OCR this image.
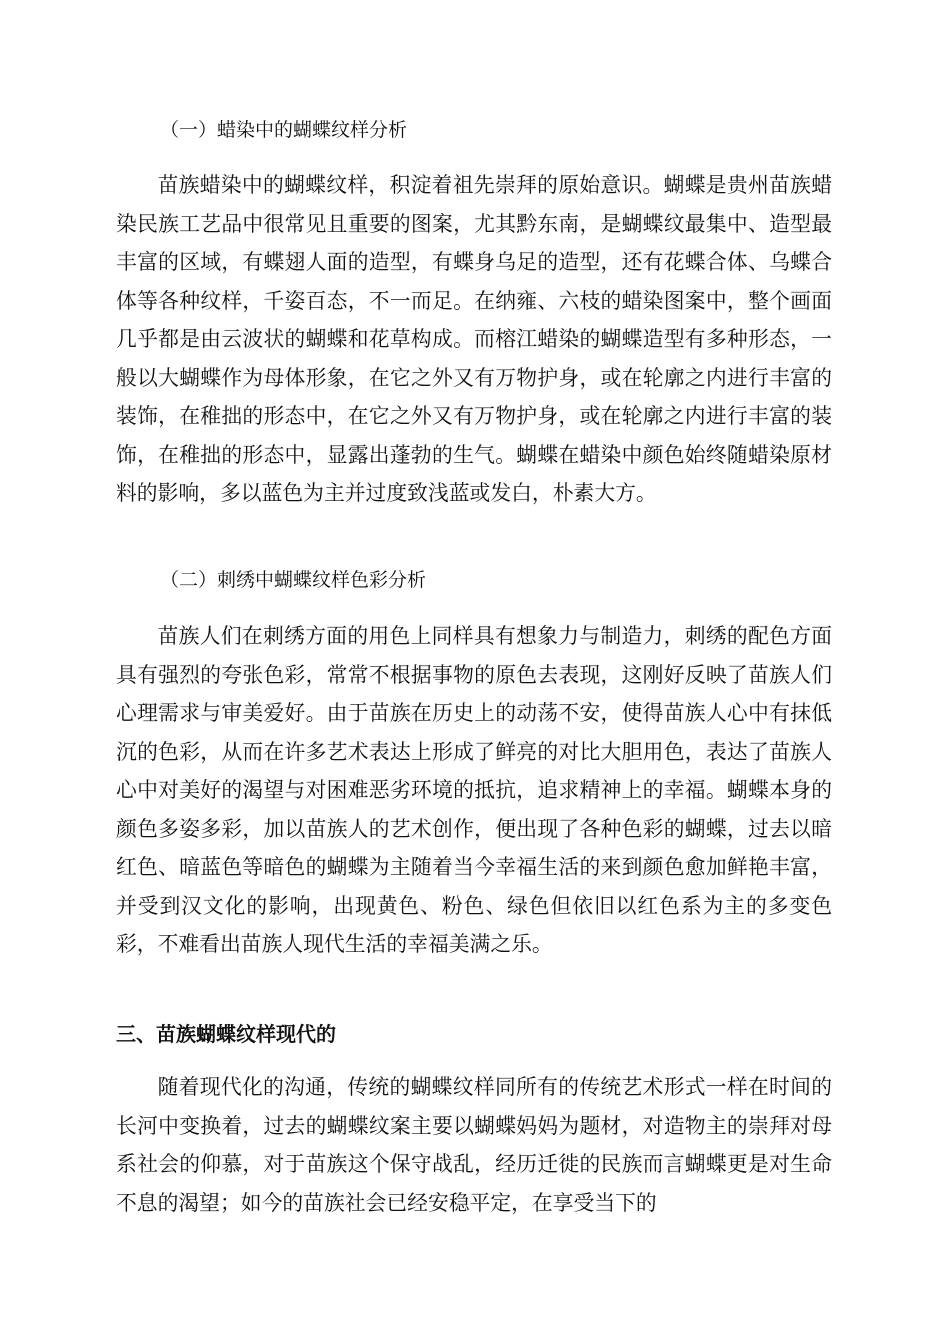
（一）蜡染中的蝴蝶纹样分析

苗族蜡染中的蝴蝶纹样，积淀着祖先崇拜的原始意识。蝴蝶是贵州苗族蜡染民族工艺品中很常见且重要的图案，尤其黔东南，是蝴蝶纹最集中、造型最丰富的区域，有蝶翅人面的造型，有蝶身乌足的造型，还有花蝶合体、乌蝶合体等各种纹样，千姿百态，不一而足。在纳雍、六枝的蜡染图案中，整个画面几乎都是由云波状的蝴蝶和花草构成。而榕江蜡染的蝴蝶造型有多种形态，一般以大蝴蝶作为母体形象，在它之外又有万物护身，或在轮廓之内进行丰富的装饰，在稚拙的形态中，在它之外又有万物护身，或在轮廓之内进行丰富的装饰，在稚拙的形态中，显露出蓬勃的生气。蝴蝶在蜡染中颜色始终随蜡染原材料的影响，多以蓝色为主并过度致浅蓝或发白，朴素大方。

（二）刺绣中蝴蝶纹样色彩分析

苗族人们在刺绣方面的用色上同样具有想象力与制造力，刺绣的配色方面具有强烈的夸张色彩，常常不根据事物的原色去表现，这刚好反映了苗族人们心理需求与审美爱好。由于苗族在历史上的动荡不安，使得苗族人心中有抹低沉的色彩，从而在许多艺术表达上形成了鲜亮的对比大胆用色，表达了苗族人心中对美好的渴望与对困难恶劣环境的抵抗，追求精神上的幸福。蝴蝶本身的颜色多姿多彩，加以苗族人的艺术创作，便出现了各种色彩的蝴蝶，过去以暗红色、暗蓝色等暗色的蝴蝶为主随着当今幸福生活的来到颜色愈加鲜艳丰富，并受到汉文化的影响，出现黄色、粉色、绿色但依旧以红色系为主的多变色彩，不难看出苗族人现代生活的幸福美满之乐。

三、苗族蝴蝶纹样现代的

随着现代化的沟通，传统的蝴蝶纹样同所有的传统艺术形式一样在时间的长河中变换着，过去的蝴蝶纹案主要以蝴蝶妈妈为题材，对造物主的崇拜对母系社会的仰慕，对于苗族这个保守战乱，经历迁徙的民族而言蝴蝶更是对生命不息的渴望；如今的苗族社会已经安稳平定，在享受当下的
